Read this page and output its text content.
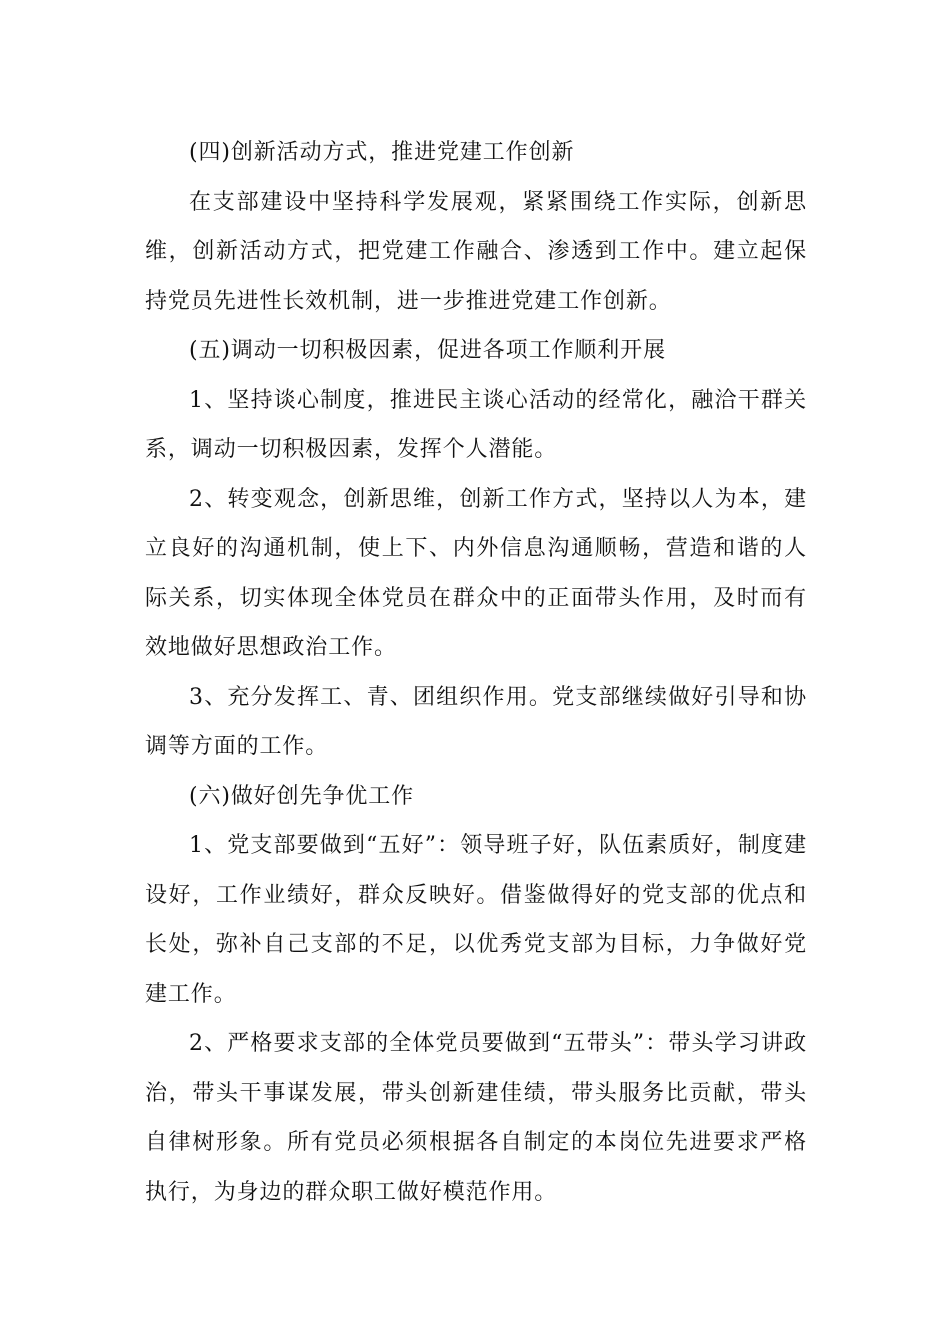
(四)创新活动方式，推进党建工作创新

在支部建设中坚持科学发展观，紧紧围绕工作实际，创新思维，创新活动方式，把党建工作融合、渗透到工作中。建立起保持党员先进性长效机制，进一步推进党建工作创新。

(五)调动一切积极因素，促进各项工作顺利开展

1、坚持谈心制度，推进民主谈心活动的经常化，融洽干群关系，调动一切积极因素，发挥个人潜能。

2、转变观念，创新思维，创新工作方式，坚持以人为本，建立良好的沟通机制，使上下、内外信息沟通顺畅，营造和谐的人际关系，切实体现全体党员在群众中的正面带头作用，及时而有效地做好思想政治工作。

3、充分发挥工、青、团组织作用。党支部继续做好引导和协调等方面的工作。

(六)做好创先争优工作

1、党支部要做到“五好”：领导班子好，队伍素质好，制度建设好，工作业绩好，群众反映好。借鉴做得好的党支部的优点和长处，弥补自己支部的不足，以优秀党支部为目标，力争做好党建工作。

2、严格要求支部的全体党员要做到“五带头”：带头学习讲政治，带头干事谋发展，带头创新建佳绩，带头服务比贡献，带头自律树形象。所有党员必须根据各自制定的本岗位先进要求严格执行，为身边的群众职工做好模范作用。
